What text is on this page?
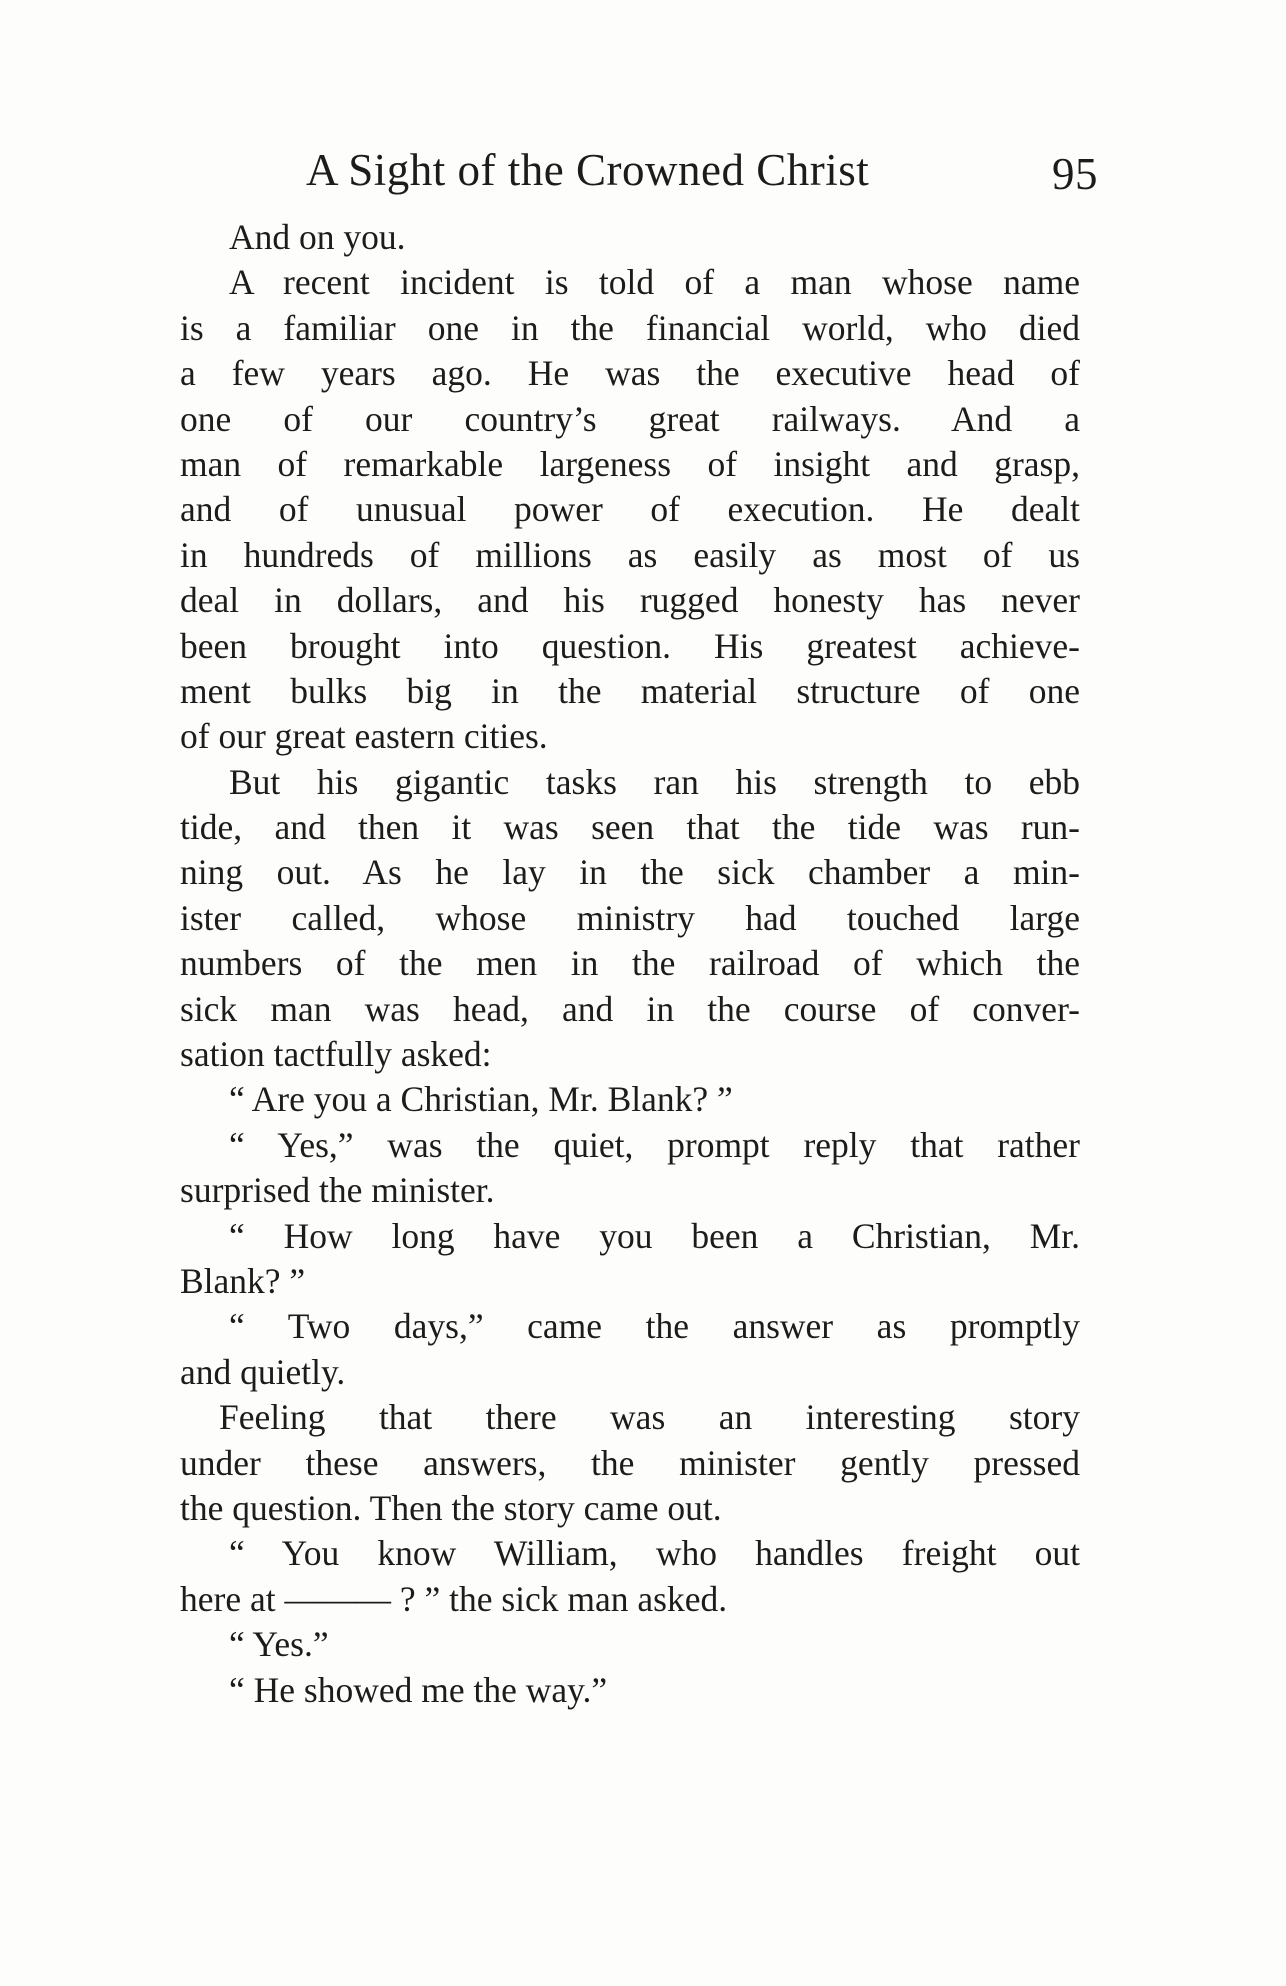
A Sight of the Crowned Christ	95
And on you.
A recent incident is told of a man whose name
is a familiar one in the financial world, who died
a few years ago. He was the executive head of
one of our country’s great railways. And a
man of remarkable largeness of insight and grasp,
and of unusual power of execution. He dealt
in hundreds of millions as easily as most of us
deal in dollars, and his rugged honesty has never
been brought into question. His greatest achieve-
ment bulks big in the material structure of one
of our great eastern cities.
But his gigantic tasks ran his strength to ebb
tide, and then it was seen that the tide was run-
ning out. As he lay in the sick chamber a min-
ister called, whose ministry had touched large
numbers of the men in the railroad of which the
sick man was head, and in the course of conver-
sation tactfully asked:
“ Are you a Christian, Mr. Blank? ”
“ Yes,” was the quiet, prompt reply that rather
surprised the minister.
“ How long have you been a Christian, Mr.
Blank? ”
“ Two days,” came the answer as promptly
and quietly.
Feeling that there was an interesting story
under these answers, the minister gently pressed
the question. Then the story came out.
“ You know William, who handles freight out
here at ——— ? ” the sick man asked.
“ Yes.”
“ He showed me the way.”
